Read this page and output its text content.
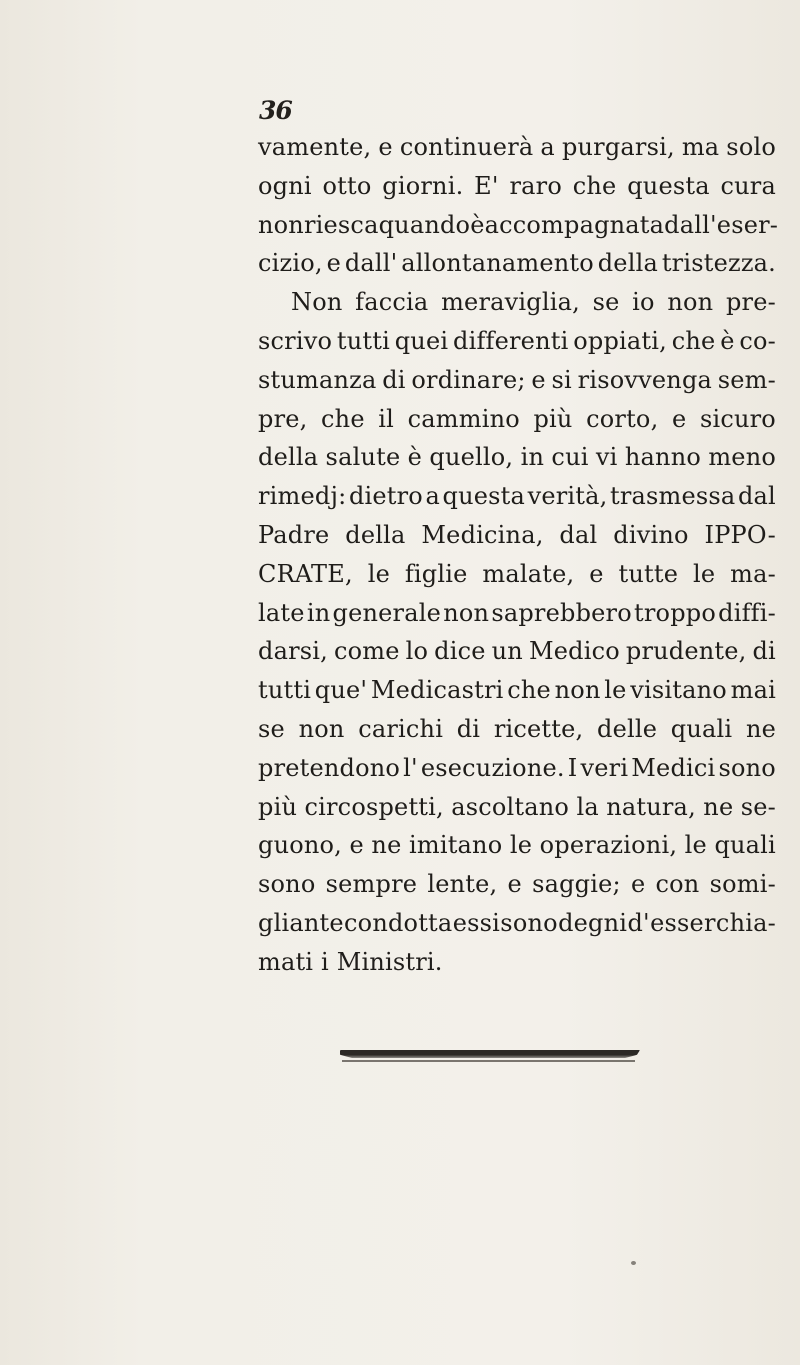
36
vamente, e continuerà a purgarsi, ma solo
ogni otto giorni. E' raro che questa cura
non riesca quando è accompagnata dall' eser-
cizio, e dall' allontanamento della tristezza.
Non faccia meraviglia, se io non pre-
scrivo tutti quei differenti oppiati, che è co-
stumanza di ordinare; e si risovvenga sem-
pre, che il cammino più corto, e sicuro
della salute è quello, in cui vi hanno meno
rimedj: dietro a questa verità, trasmessa dal
Padre della Medicina, dal divino IPPO-
CRATE, le figlie malate, e tutte le ma-
late in generale non saprebbero troppo diffi-
darsi, come lo dice un Medico prudente, di
tutti que' Medicastri che non le visitano mai
se non carichi di ricette, delle quali ne
pretendono l' esecuzione. I veri Medici sono
più circospetti, ascoltano la natura, ne se-
guono, e ne imitano le operazioni, le quali
sono sempre lente, e saggie; e con somi-
gliante condotta essi sono degni d' esser chia-
mati i Ministri.
